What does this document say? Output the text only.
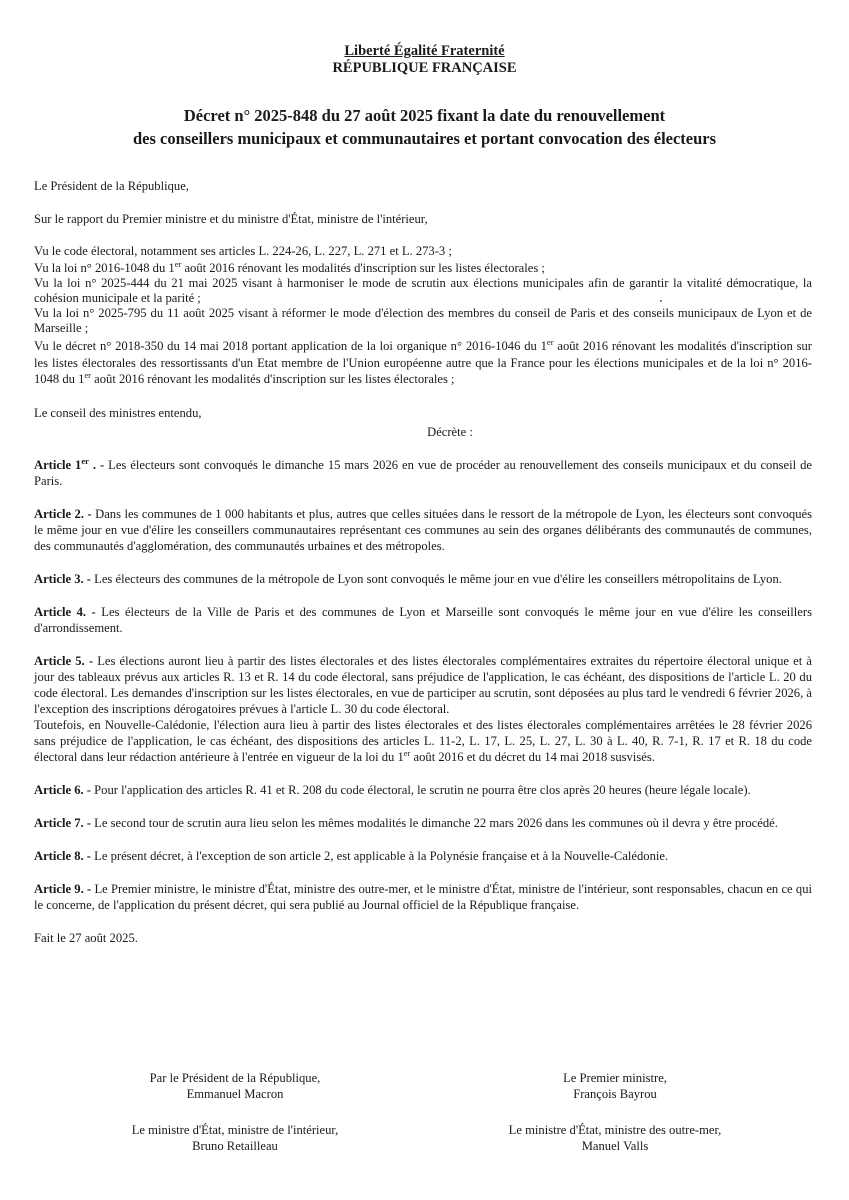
Liberté Égalité Fraternité
RÉPUBLIQUE FRANÇAISE
Décret n° 2025-848 du 27 août 2025 fixant la date du renouvellement
des conseillers municipaux et communautaires et portant convocation des électeurs

Le Président de la République,

Sur le rapport du Premier ministre et du ministre d'État, ministre de l'intérieur,

Vu le code électoral, notamment ses articles L. 224-26, L. 227, L. 271 et L. 273-3 ;

Vu la loi n° 2016-1048 du 1er août 2016 rénovant les modalités d'inscription sur les listes électorales ;

Vu la loi n° 2025-444 du 21 mai 2025 visant à harmoniser le mode de scrutin aux élections municipales afin de garantir la vitalité démocratique, la cohésion municipale et la parité ;

Vu la loi n° 2025-795 du 11 août 2025 visant à réformer le mode d'élection des membres du conseil de Paris et des conseils municipaux de Lyon et de Marseille ;

Vu le décret n° 2018-350 du 14 mai 2018 portant application de la loi organique n° 2016-1046 du 1er août 2016 rénovant les modalités d'inscription sur les listes électorales des ressortissants d'un Etat membre de l'Union européenne autre que la France pour les élections municipales et de la loi n° 2016-1048 du 1er août 2016 rénovant les modalités d'inscription sur les listes électorales ;

Le conseil des ministres entendu,

Décrète :

Article 1er . - Les électeurs sont convoqués le dimanche 15 mars 2026 en vue de procéder au renouvellement des conseils municipaux et du conseil de Paris.

Article 2. - Dans les communes de 1 000 habitants et plus, autres que celles situées dans le ressort de la métropole de Lyon, les électeurs sont convoqués le même jour en vue d'élire les conseillers communautaires représentant ces communes au sein des organes délibérants des communautés de communes, des communautés d'agglomération, des communautés urbaines et des métropoles.

Article 3. - Les électeurs des communes de la métropole de Lyon sont convoqués le même jour en vue d'élire les conseillers métropolitains de Lyon.

Article 4. - Les électeurs de la Ville de Paris et des communes de Lyon et Marseille sont convoqués le même jour en vue d'élire les conseillers d'arrondissement.

Article 5. - Les élections auront lieu à partir des listes électorales et des listes électorales complémentaires extraites du répertoire électoral unique et à jour des tableaux prévus aux articles R. 13 et R. 14 du code électoral, sans préjudice de l'application, le cas échéant, des dispositions de l'article L. 20 du code électoral. Les demandes d'inscription sur les listes électorales, en vue de participer au scrutin, sont déposées au plus tard le vendredi 6 février 2026, à l'exception des inscriptions dérogatoires prévues à l'article L. 30 du code électoral.

Toutefois, en Nouvelle-Calédonie, l'élection aura lieu à partir des listes électorales et des listes électorales complémentaires arrêtées le 28 février 2026 sans préjudice de l'application, le cas échéant, des dispositions des articles L. 11-2, L. 17, L. 25, L. 27, L. 30 à L. 40, R. 7-1, R. 17 et R. 18 du code électoral dans leur rédaction antérieure à l'entrée en vigueur de la loi du 1er août 2016 et du décret du 14 mai 2018 susvisés.

Article 6. - Pour l'application des articles R. 41 et R. 208 du code électoral, le scrutin ne pourra être clos après 20 heures (heure légale locale).

Article 7. - Le second tour de scrutin aura lieu selon les mêmes modalités le dimanche 22 mars 2026 dans les communes où il devra y être procédé.

Article 8. - Le présent décret, à l'exception de son article 2, est applicable à la Polynésie française et à la Nouvelle-Calédonie.

Article 9. - Le Premier ministre, le ministre d'État, ministre des outre-mer, et le ministre d'État, ministre de l'intérieur, sont responsables, chacun en ce qui le concerne, de l'application du présent décret, qui sera publié au Journal officiel de la République française.

Fait le 27 août 2025.

Par le Président de la République,
Emmanuel Macron
Le Premier ministre,
François Bayrou
Le ministre d'État, ministre de l'intérieur,
Bruno Retailleau
Le ministre d'État, ministre des outre-mer,
Manuel Valls
